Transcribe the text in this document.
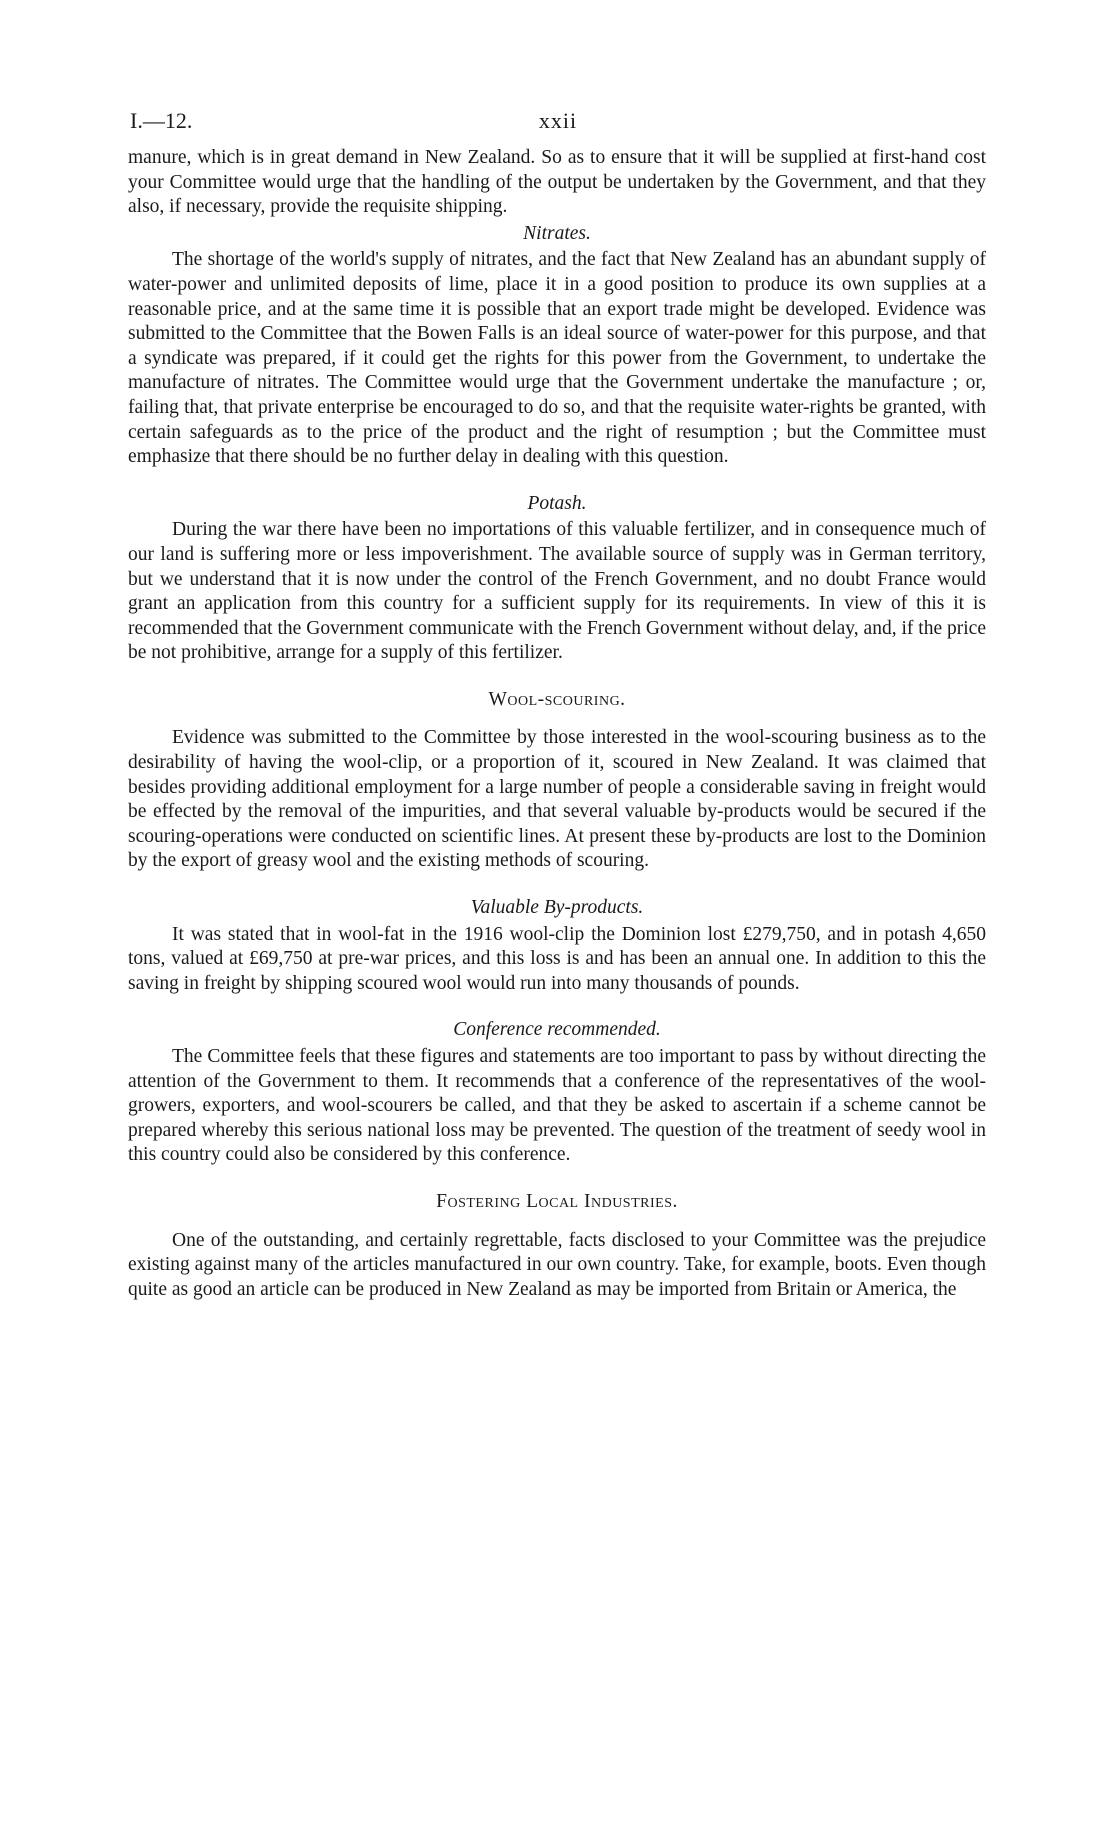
I.—12.	xxii

manure, which is in great demand in New Zealand. So as to ensure that it will be supplied at first-hand cost your Committee would urge that the handling of the output be undertaken by the Government, and that they also, if necessary, provide the requisite shipping.

Nitrates.

The shortage of the world's supply of nitrates, and the fact that New Zealand has an abundant supply of water-power and unlimited deposits of lime, place it in a good position to produce its own supplies at a reasonable price, and at the same time it is possible that an export trade might be developed. Evidence was submitted to the Committee that the Bowen Falls is an ideal source of water-power for this purpose, and that a syndicate was prepared, if it could get the rights for this power from the Government, to undertake the manufacture of nitrates. The Committee would urge that the Government undertake the manufacture ; or, failing that, that private enterprise be encouraged to do so, and that the requisite water-rights be granted, with certain safeguards as to the price of the product and the right of resumption ; but the Committee must emphasize that there should be no further delay in dealing with this question.

Potash.

During the war there have been no importations of this valuable fertilizer, and in consequence much of our land is suffering more or less impoverishment. The available source of supply was in German territory, but we understand that it is now under the control of the French Government, and no doubt France would grant an application from this country for a sufficient supply for its requirements. In view of this it is recommended that the Government communicate with the French Government without delay, and, if the price be not prohibitive, arrange for a supply of this fertilizer.

Wool-scouring.

Evidence was submitted to the Committee by those interested in the wool-scouring business as to the desirability of having the wool-clip, or a proportion of it, scoured in New Zealand. It was claimed that besides providing additional employment for a large number of people a considerable saving in freight would be effected by the removal of the impurities, and that several valuable by-products would be secured if the scouring-operations were conducted on scientific lines. At present these by-products are lost to the Dominion by the export of greasy wool and the existing methods of scouring.

Valuable By-products.

It was stated that in wool-fat in the 1916 wool-clip the Dominion lost £279,750, and in potash 4,650 tons, valued at £69,750 at pre-war prices, and this loss is and has been an annual one. In addition to this the saving in freight by shipping scoured wool would run into many thousands of pounds.

Conference recommended.

The Committee feels that these figures and statements are too important to pass by without directing the attention of the Government to them. It recommends that a conference of the representatives of the wool-growers, exporters, and wool-scourers be called, and that they be asked to ascertain if a scheme cannot be prepared whereby this serious national loss may be prevented. The question of the treatment of seedy wool in this country could also be considered by this conference.

Fostering Local Industries.

One of the outstanding, and certainly regrettable, facts disclosed to your Committee was the prejudice existing against many of the articles manufactured in our own country. Take, for example, boots. Even though quite as good an article can be produced in New Zealand as may be imported from Britain or America, the
